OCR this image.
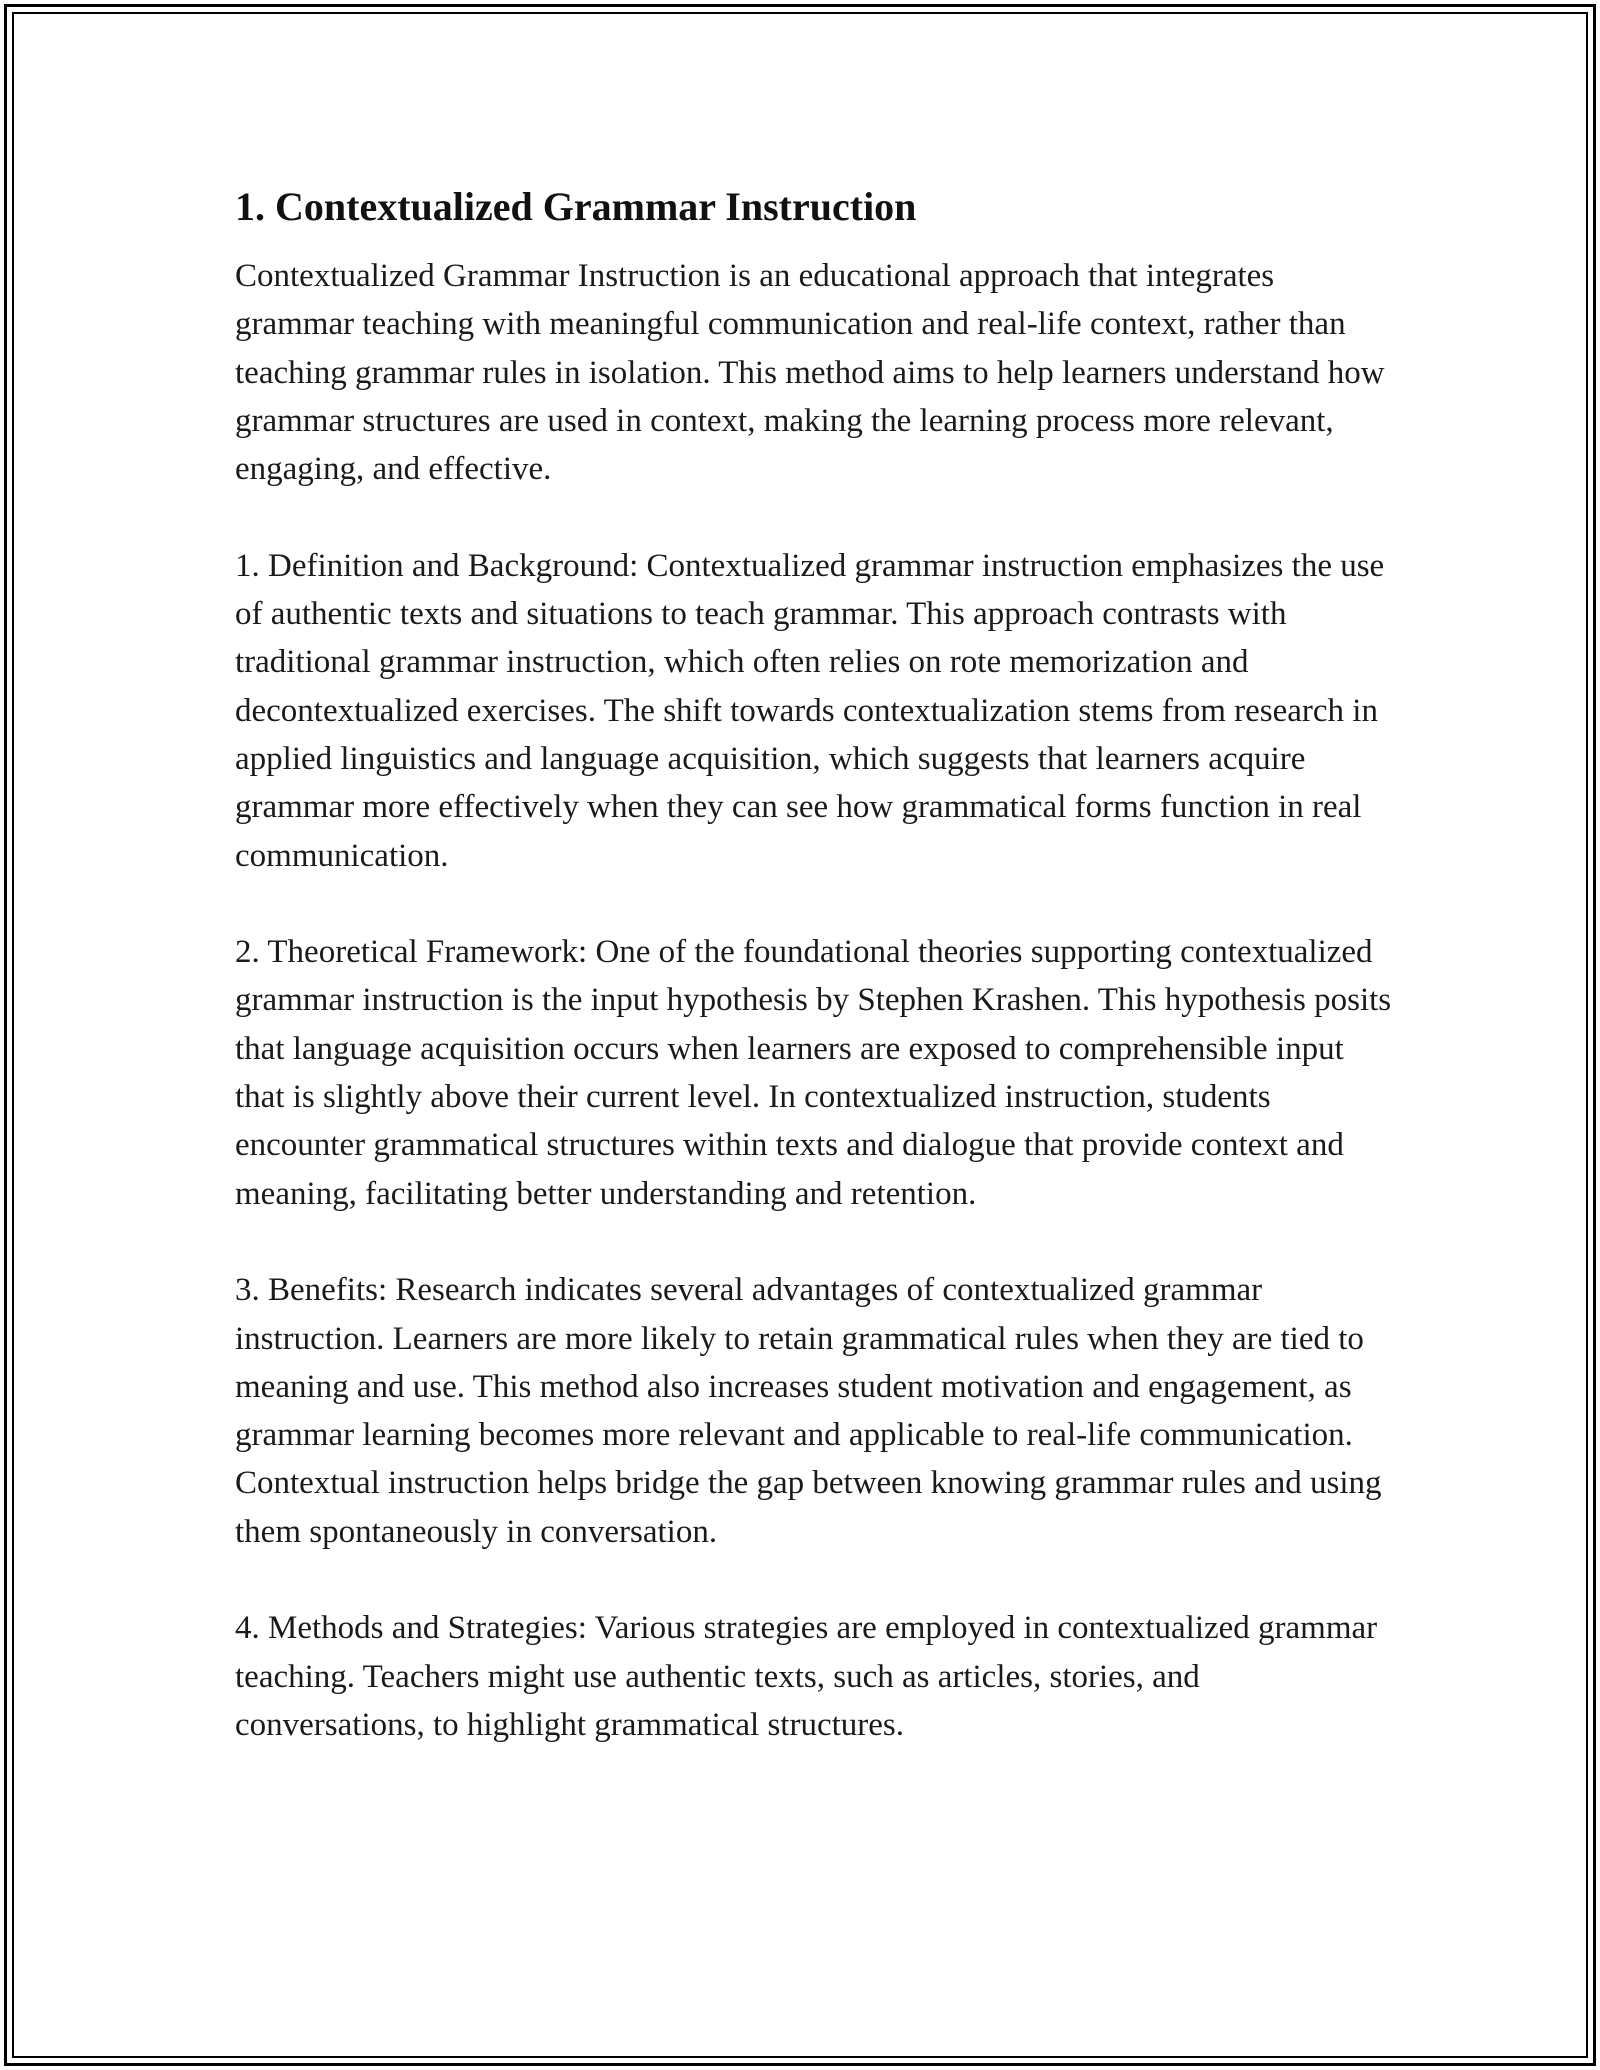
1. Contextualized Grammar Instruction

Contextualized Grammar Instruction is an educational approach that integrates grammar teaching with meaningful communication and real-life context, rather than teaching grammar rules in isolation. This method aims to help learners understand how grammar structures are used in context, making the learning process more relevant, engaging, and effective.

1. Definition and Background: Contextualized grammar instruction emphasizes the use of authentic texts and situations to teach grammar. This approach contrasts with traditional grammar instruction, which often relies on rote memorization and decontextualized exercises. The shift towards contextualization stems from research in applied linguistics and language acquisition, which suggests that learners acquire grammar more effectively when they can see how grammatical forms function in real communication.

2. Theoretical Framework: One of the foundational theories supporting contextualized grammar instruction is the input hypothesis by Stephen Krashen. This hypothesis posits that language acquisition occurs when learners are exposed to comprehensible input that is slightly above their current level. In contextualized instruction, students encounter grammatical structures within texts and dialogue that provide context and meaning, facilitating better understanding and retention.

3. Benefits: Research indicates several advantages of contextualized grammar instruction. Learners are more likely to retain grammatical rules when they are tied to meaning and use. This method also increases student motivation and engagement, as grammar learning becomes more relevant and applicable to real-life communication. Contextual instruction helps bridge the gap between knowing grammar rules and using them spontaneously in conversation.

4. Methods and Strategies: Various strategies are employed in contextualized grammar teaching. Teachers might use authentic texts, such as articles, stories, and conversations, to highlight grammatical structures.
